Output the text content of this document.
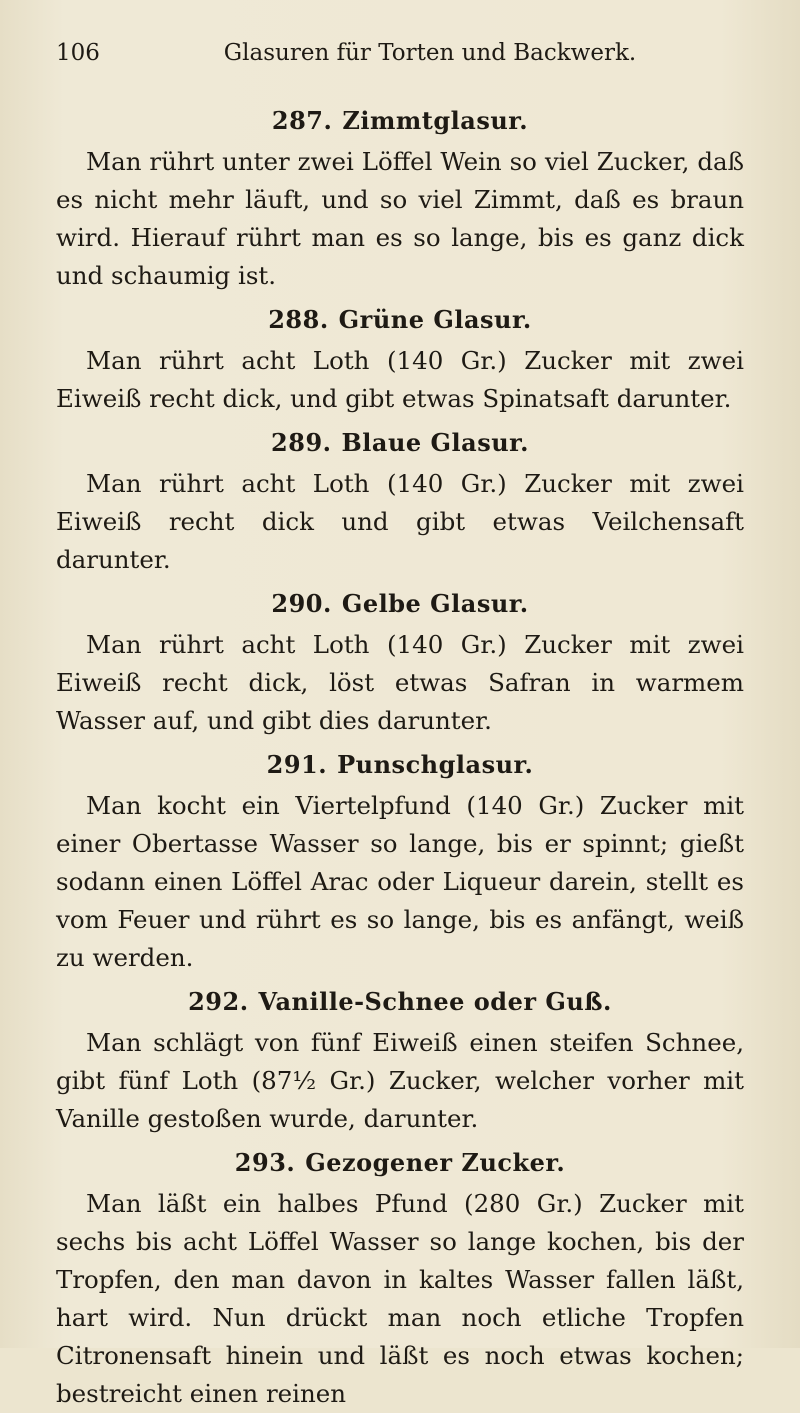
106	Glasuren für Torten und Backwerk.
287. Zimmtglasur.

Man rührt unter zwei Löffel Wein so viel Zucker, daß es nicht mehr läuft, und so viel Zimmt, daß es braun wird. Hierauf rührt man es so lange, bis es ganz dick und schaumig ist.

288. Grüne Glasur.

Man rührt acht Loth (140 Gr.) Zucker mit zwei Eiweiß recht dick, und gibt etwas Spinatsaft darunter.

289. Blaue Glasur.

Man rührt acht Loth (140 Gr.) Zucker mit zwei Eiweiß recht dick und gibt etwas Veilchensaft darunter.

290. Gelbe Glasur.

Man rührt acht Loth (140 Gr.) Zucker mit zwei Eiweiß recht dick, löst etwas Safran in warmem Wasser auf, und gibt dies darunter.

291. Punschglasur.

Man kocht ein Viertelpfund (140 Gr.) Zucker mit einer Obertasse Wasser so lange, bis er spinnt; gießt sodann einen Löffel Arac oder Liqueur darein, stellt es vom Feuer und rührt es so lange, bis es anfängt, weiß zu werden.

292. Vanille-Schnee oder Guß.

Man schlägt von fünf Eiweiß einen steifen Schnee, gibt fünf Loth (87½ Gr.) Zucker, welcher vorher mit Vanille gestoßen wurde, darunter.

293. Gezogener Zucker.

Man läßt ein halbes Pfund (280 Gr.) Zucker mit sechs bis acht Löffel Wasser so lange kochen, bis der Tropfen, den man davon in kaltes Wasser fallen läßt, hart wird. Nun drückt man noch etliche Tropfen Citronensaft hinein und läßt es noch etwas kochen; bestreicht einen reinen
